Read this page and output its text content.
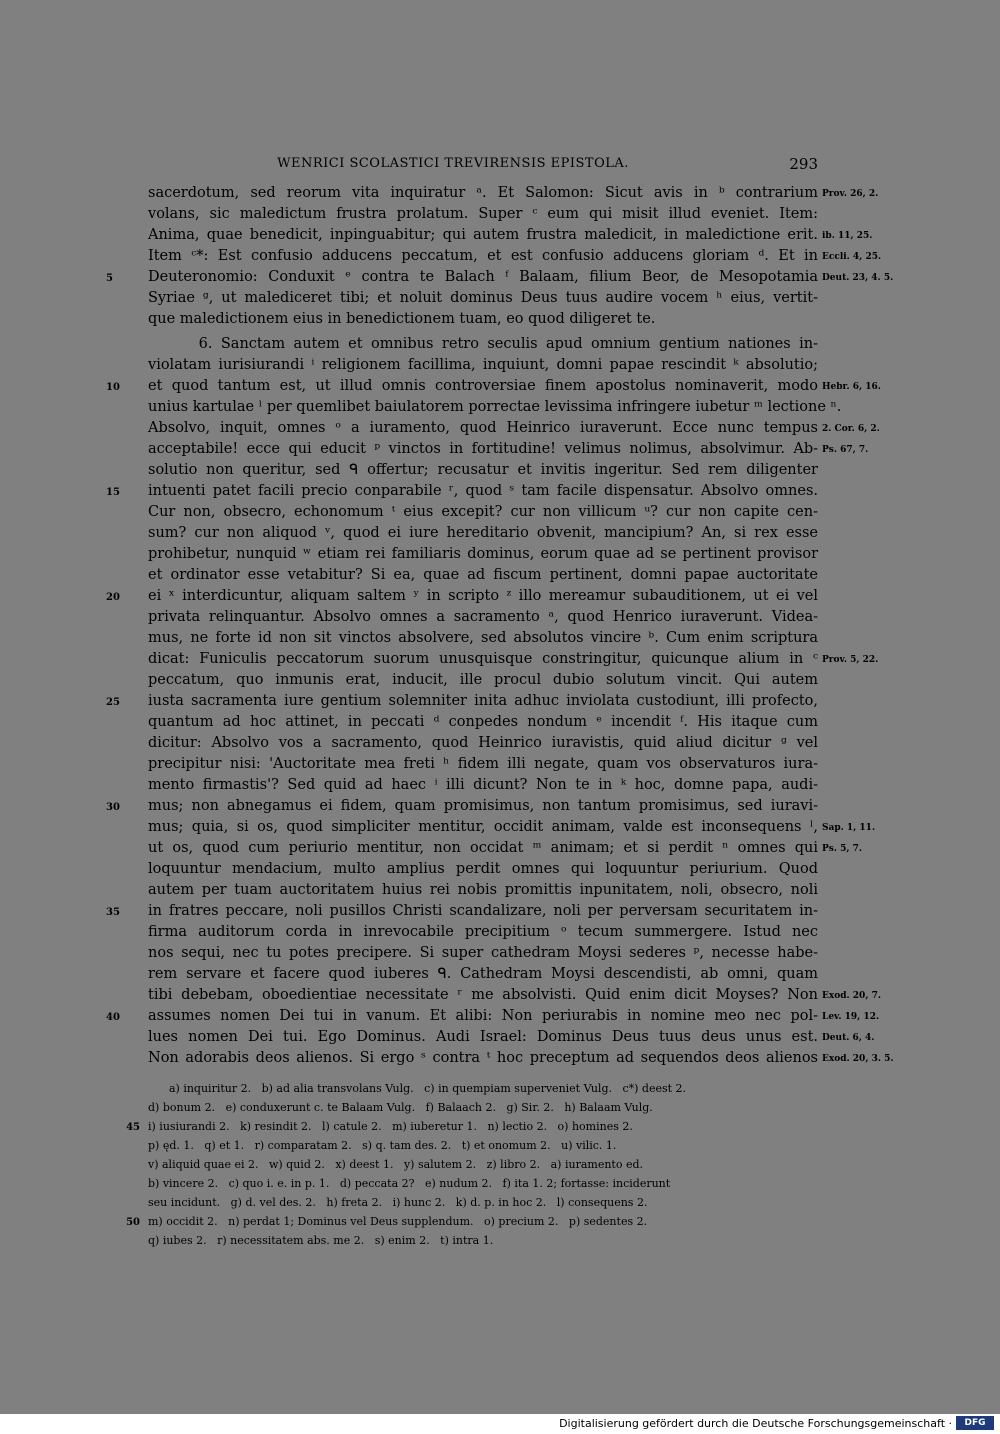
WENRICI SCOLASTICI TREVIRENSIS EPISTOLA.	293
sacerdotum, sed reorum vita inquiratur ᵃ. Et Salomon: Sicut avis in ᵇ contrarium Prov. 26, 2.
volans, sic maledictum frustra prolatum. Super ᶜ eum qui misit illud eveniet. Item:
Anima, quae benedicit, inpinguabitur; qui autem frustra maledicit, in maledictione erit. ib. 11, 25.
Item ᶜ*: Est confusio adducens peccatum, et est confusio adducens gloriam ᵈ. Et in Eccli. 4, 25.
5	Deuteronomio: Conduxit ᵉ contra te Balach ᶠ Balaam, filium Beor, de Mesopotamia Deut. 23, 4. 5.
Syriae ᵍ, ut malediceret tibi; et noluit dominus Deus tuus audire vocem ʰ eius, vertit-
que maledictionem eius in benedictionem tuam, eo quod diligeret te.
6. Sanctam autem et omnibus retro seculis apud omnium gentium nationes in-
violatam iurisiurandi ⁱ religionem facillima, inquiunt, domni papae rescindit ᵏ absolutio;
10	et quod tantum est, ut illud omnis controversiae finem apostolus nominaverit, modo Hebr. 6, 16.
unius kartulae ˡ per quemlibet baiulatorem porrectae levissima infringere iubetur ᵐ lectione ⁿ.
Absolvo, inquit, omnes ᵒ a iuramento, quod Heinrico iuraverunt. Ecce nunc tempus 2. Cor. 6, 2.
acceptabile! ecce qui educit ᵖ vinctos in fortitudine! velimus nolimus, absolvimur. Ab- Ps. 67, 7.
solutio non queritur, sed ᑫ offertur; recusatur et invitis ingeritur. Sed rem diligenter
15	intuenti patet facili precio conparabile ʳ, quod ˢ tam facile dispensatur. Absolvo omnes.
Cur non, obsecro, echonomum ᵗ eius excepit? cur non villicum ᵘ? cur non capite cen-
sum? cur non aliquod ᵛ, quod ei iure hereditario obvenit, mancipium? An, si rex esse
prohibetur, nunquid ʷ etiam rei familiaris dominus, eorum quae ad se pertinent provisor
et ordinator esse vetabitur? Si ea, quae ad fiscum pertinent, domni papae auctoritate
20	ei ˣ interdicuntur, aliquam saltem ʸ in scripto ᶻ illo mereamur subauditionem, ut ei vel
privata relinquantur. Absolvo omnes a sacramento ᵃ, quod Henrico iuraverunt. Videa-
mus, ne forte id non sit vinctos absolvere, sed absolutos vincire ᵇ. Cum enim scriptura
dicat: Funiculis peccatorum suorum unusquisque constringitur, quicunque alium in ᶜ Prov. 5, 22.
peccatum, quo inmunis erat, inducit, ille procul dubio solutum vincit. Qui autem
25	iusta sacramenta iure gentium solemniter inita adhuc inviolata custodiunt, illi profecto,
quantum ad hoc attinet, in peccati ᵈ conpedes nondum ᵉ incendit ᶠ. His itaque cum
dicitur: Absolvo vos a sacramento, quod Heinrico iuravistis, quid aliud dicitur ᵍ vel
precipitur nisi: 'Auctoritate mea freti ʰ fidem illi negate, quam vos observaturos iura-
mento firmastis'? Sed quid ad haec ⁱ illi dicunt? Non te in ᵏ hoc, domne papa, audi-
30	mus; non abnegamus ei fidem, quam promisimus, non tantum promisimus, sed iuravi-
mus; quia, si os, quod simpliciter mentitur, occidit animam, valde est inconsequens ˡ, Sap. 1, 11.
ut os, quod cum periurio mentitur, non occidat ᵐ animam; et si perdit ⁿ omnes qui Ps. 5, 7.
loquuntur mendacium, multo amplius perdit omnes qui loquuntur periurium. Quod
autem per tuam auctoritatem huius rei nobis promittis inpunitatem, noli, obsecro, noli
35	in fratres peccare, noli pusillos Christi scandalizare, noli per perversam securitatem in-
firma auditorum corda in inrevocabile precipitium ᵒ tecum summergere. Istud nec
nos sequi, nec tu potes precipere. Si super cathedram Moysi sederes ᵖ, necesse habe-
rem servare et facere quod iuberes ᑫ. Cathedram Moysi descendisti, ab omni, quam
tibi debebam, oboedientiae necessitate ʳ me absolvisti. Quid enim dicit Moyses? Non Exod. 20, 7.
40	assumes nomen Dei tui in vanum. Et alibi: Non periurabis in nomine meo nec pol- Lev. 19, 12.
lues nomen Dei tui. Ego Dominus. Audi Israel: Dominus Deus tuus deus unus est. Deut. 6, 4.
Non adorabis deos alienos. Si ergo ˢ contra ᵗ hoc preceptum ad sequendos deos alienos Exod. 20, 3. 5.
a) inquiritur 2.   b) ad alia transvolans Vulg.   c) in quempiam superveniet Vulg.   c*) deest 2.
d) bonum 2.   e) conduxerunt c. te Balaam Vulg.   f) Balaach 2.   g) Sir. 2.   h) Balaam Vulg.
45 i) iusiurandi 2.   k) resindit 2.   l) catule 2.   m) iuberetur 1.   n) lectio 2.   o) homines 2.
p) ęd. 1.   q) et 1.   r) comparatam 2.   s) q. tam des. 2.   t) et onomum 2.   u) vilic. 1.
v) aliquid quae ei 2.   w) quid 2.   x) deest 1.   y) salutem 2.   z) libro 2.   a) iuramento ed.
b) vincere 2.   c) quo i. e. in p. 1.   d) peccata 2?   e) nudum 2.   f) ita 1. 2; fortasse: inciderunt
seu incidunt.   g) d. vel des. 2.   h) freta 2.   i) hunc 2.   k) d. p. in hoc 2.   l) consequens 2.
50 m) occidit 2.   n) perdat 1; Dominus vel Deus supplendum.   o) precium 2.   p) sedentes 2.
q) iubes 2.   r) necessitatem abs. me 2.   s) enim 2.   t) intra 1.
Digitalisierung gefördert durch die Deutsche Forschungsgemeinschaft ·	DFG
